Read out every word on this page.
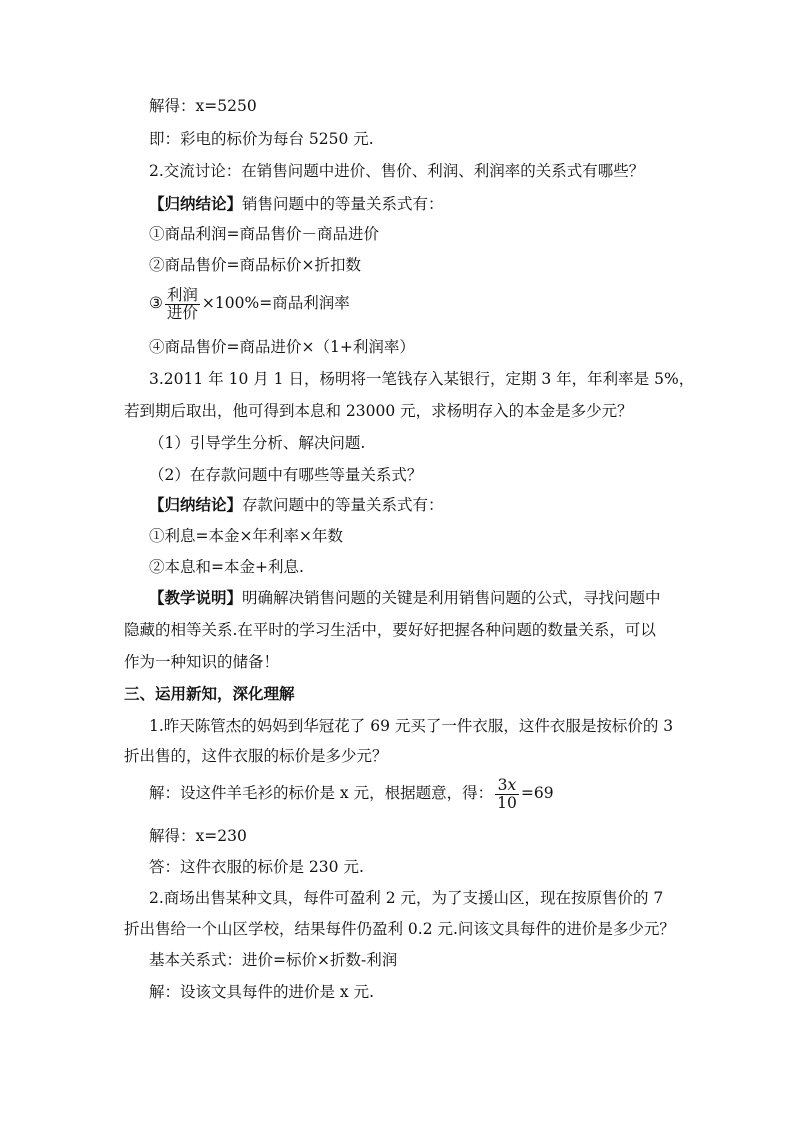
解得：x=5250
即：彩电的标价为每台 5250 元.
2.交流讨论：在销售问题中进价、售价、利润、利润率的关系式有哪些？
【归纳结论】销售问题中的等量关系式有：
①商品利润=商品售价－商品进价
②商品售价=商品标价×折扣数
③ $\frac{\text{利润}}{\text{进价}} \times 100\%=$商品利润率
④商品售价=商品进价×（1+利润率）
3.2011 年 10 月 1 日，杨明将一笔钱存入某银行，定期 3 年，年利率是 5%，
若到期后取出，他可得到本息和 23000 元，求杨明存入的本金是多少元？
（1）引导学生分析、解决问题.
（2）在存款问题中有哪些等量关系式？
【归纳结论】存款问题中的等量关系式有：
①利息=本金×年利率×年数
②本息和=本金+利息.
【教学说明】明确解决销售问题的关键是利用销售问题的公式，寻找问题中
隐藏的相等关系.在平时的学习生活中，要好好把握各种问题的数量关系，可以
作为一种知识的储备！
三、运用新知，深化理解
1.昨天陈管杰的妈妈到华冠花了 69 元买了一件衣服，这件衣服是按标价的 3
折出售的，这件衣服的标价是多少元？
解：设这件羊毛衫的标价是 x 元，根据题意，得： $\frac{3x}{10} =69$
解得：x=230
答：这件衣服的标价是 230 元.
2.商场出售某种文具，每件可盈利 2 元，为了支援山区，现在按原售价的 7
折出售给一个山区学校，结果每件仍盈利 0.2 元.问该文具每件的进价是多少元？
基本关系式：进价=标价×折数-利润
解：设该文具每件的进价是 x 元.
